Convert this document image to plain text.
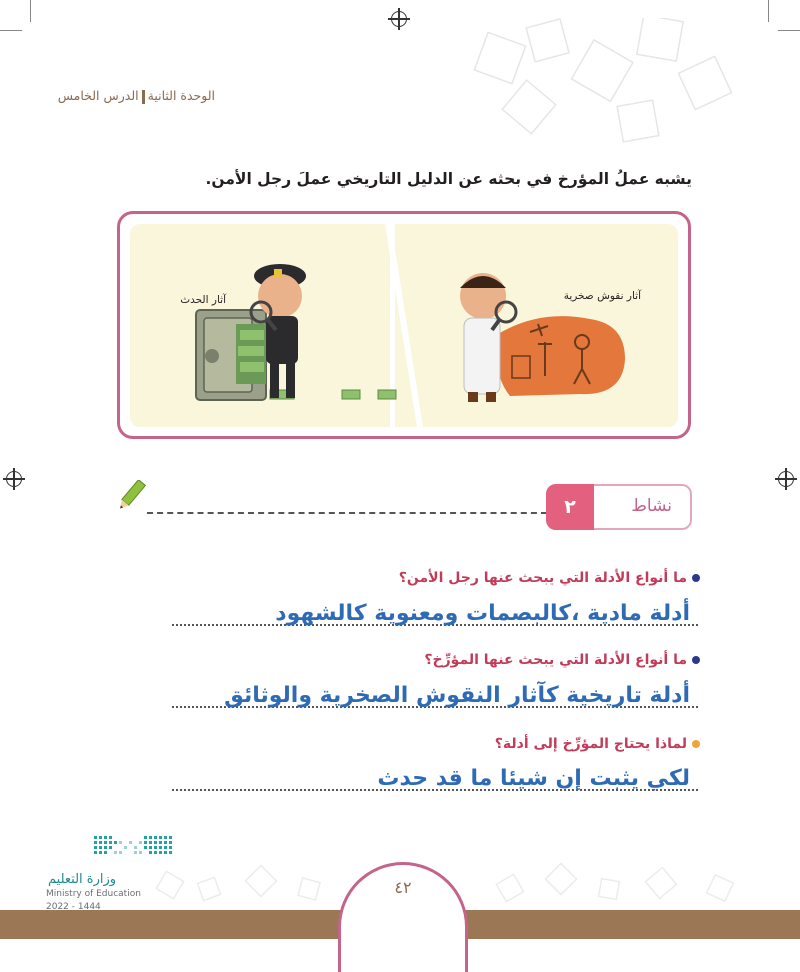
الوحدة الثانيةالدرس الخامس
يشبه عملُ المؤرخ في بحثه عن الدليل التاريخي عملَ رجل الأمن.
آثار الحدث	آثار نقوش صخرية
٢	نشاط
ما أنواع الأدلة التي يبحث عنها رجل الأمن؟
أدلة مادية ،كالبصمات ومعنوية كالشهود
ما أنواع الأدلة التي يبحث عنها المؤرِّخ؟
أدلة تاريخية كآثار النقوش الصخرية والوثائق
لماذا يحتاج المؤرِّخ إلى أدلة؟
لكي يثبت إن شيئا ما قد حدث
٤٢
وزارة التعليم
Ministry of Education
2022 - 1444
